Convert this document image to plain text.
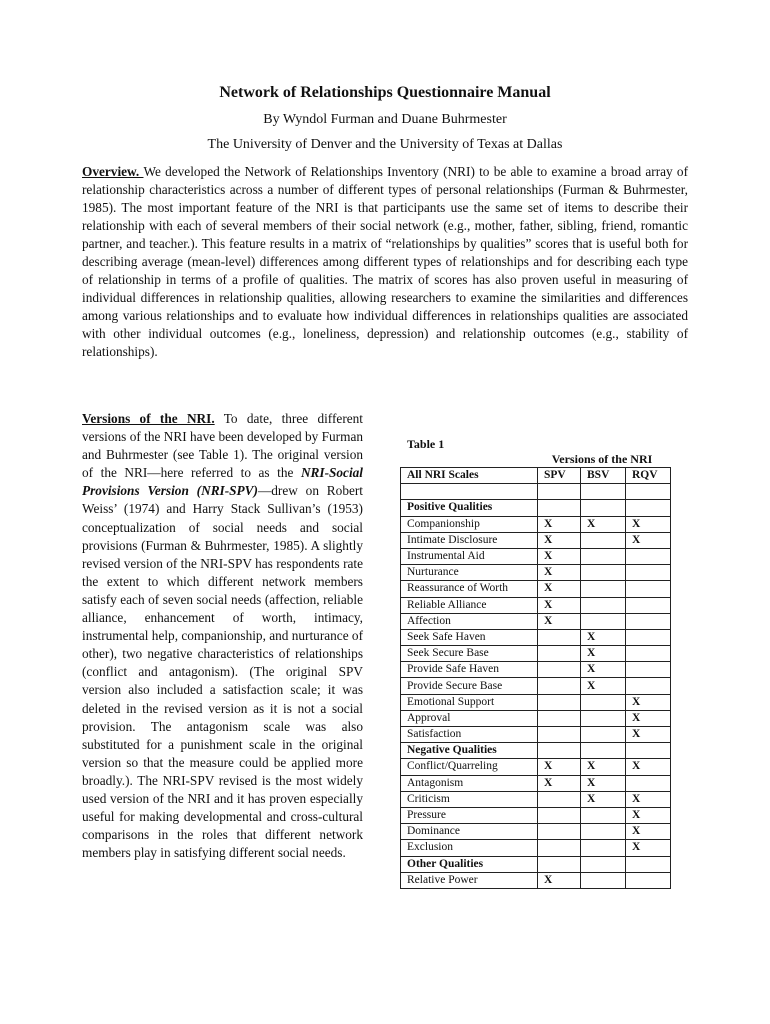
Network of Relationships Questionnaire Manual
By Wyndol Furman and Duane Buhrmester
The University of Denver and the University of Texas at Dallas

Overview. We developed the Network of Relationships Inventory (NRI) to be able to examine a broad array of relationship characteristics across a number of different types of personal relationships (Furman & Buhrmester, 1985). The most important feature of the NRI is that participants use the same set of items to describe their relationship with each of several members of their social network (e.g., mother, father, sibling, friend, romantic partner, and teacher.). This feature results in a matrix of “relationships by qualities” scores that is useful both for describing average (mean-level) differences among different types of relationships and for describing each type of relationship in terms of a profile of qualities. The matrix of scores has also proven useful in measuring of individual differences in relationship qualities, allowing researchers to examine the similarities and differences among various relationships and to evaluate how individual differences in relationships qualities are associated with other individual outcomes (e.g., loneliness, depression) and relationship outcomes (e.g., stability of relationships).

Versions of the NRI. To date, three different versions of the NRI have been developed by Furman and Buhrmester (see Table 1). The original version of the NRI—here referred to as the NRI-Social Provisions Version (NRI-SPV)—drew on Robert Weiss’ (1974) and Harry Stack Sullivan’s (1953) conceptualization of social needs and social provisions (Furman & Buhrmester, 1985). A slightly revised version of the NRI-SPV has respondents rate the extent to which different network members satisfy each of seven social needs (affection, reliable alliance, enhancement of worth, intimacy, instrumental help, companionship, and nurturance of other), two negative characteristics of relationships (conflict and antagonism). (The original SPV version also included a satisfaction scale; it was deleted in the revised version as it is not a social provision. The antagonism scale was also substituted for a punishment scale in the original version so that the measure could be applied more broadly.). The NRI-SPV revised is the most widely used version of the NRI and it has proven especially useful for making developmental and cross-cultural comparisons in the roles that different network members play in satisfying different social needs.

Table 1
Versions of the NRI
All NRI Scales	SPV	BSV	RQV

Positive Qualities			
Companionship	X	X	X
Intimate Disclosure	X		X
Instrumental Aid	X		
Nurturance	X		
Reassurance of Worth	X		
Reliable Alliance	X		
Affection	X		
Seek Safe Haven		X	
Seek Secure Base		X	
Provide Safe Haven		X	
Provide Secure Base		X	
Emotional Support			X
Approval			X
Satisfaction			X
Negative Qualities			
Conflict/Quarreling	X	X	X
Antagonism	X	X	
Criticism		X	X
Pressure			X
Dominance			X
Exclusion			X
Other Qualities			
Relative Power	X		
